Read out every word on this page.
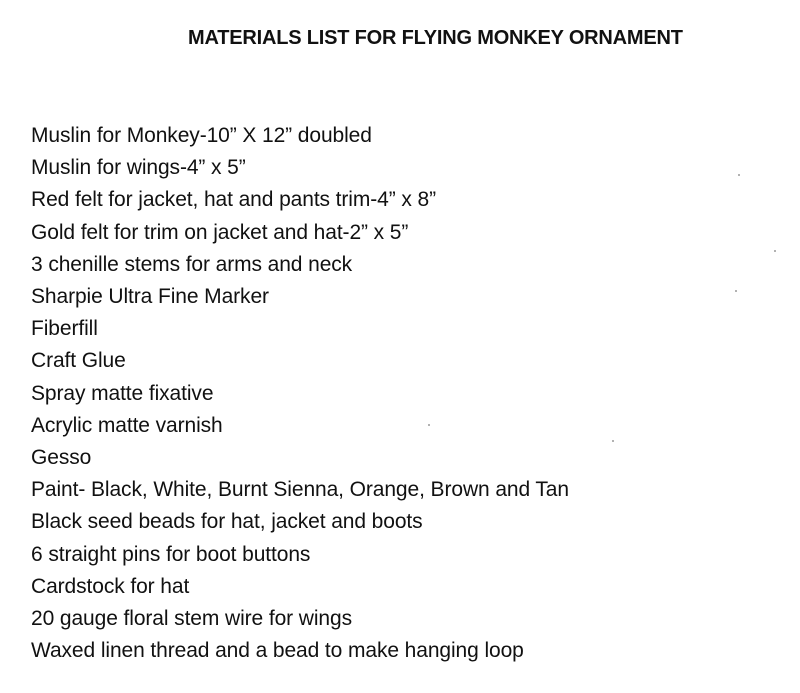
MATERIALS LIST FOR FLYING MONKEY ORNAMENT
Muslin for Monkey-10” X 12” doubled
Muslin for wings-4” x 5”
Red felt for jacket, hat and pants trim-4” x 8”
Gold felt for trim on jacket and hat-2” x 5”
3 chenille stems for arms and neck
Sharpie Ultra Fine Marker
Fiberfill
Craft Glue
Spray matte fixative
Acrylic matte varnish
Gesso
Paint- Black, White, Burnt Sienna, Orange, Brown and Tan
Black seed beads for hat, jacket and boots
6 straight pins for boot buttons
Cardstock for hat
20 gauge floral stem wire for wings
Waxed linen thread and a bead to make hanging loop
